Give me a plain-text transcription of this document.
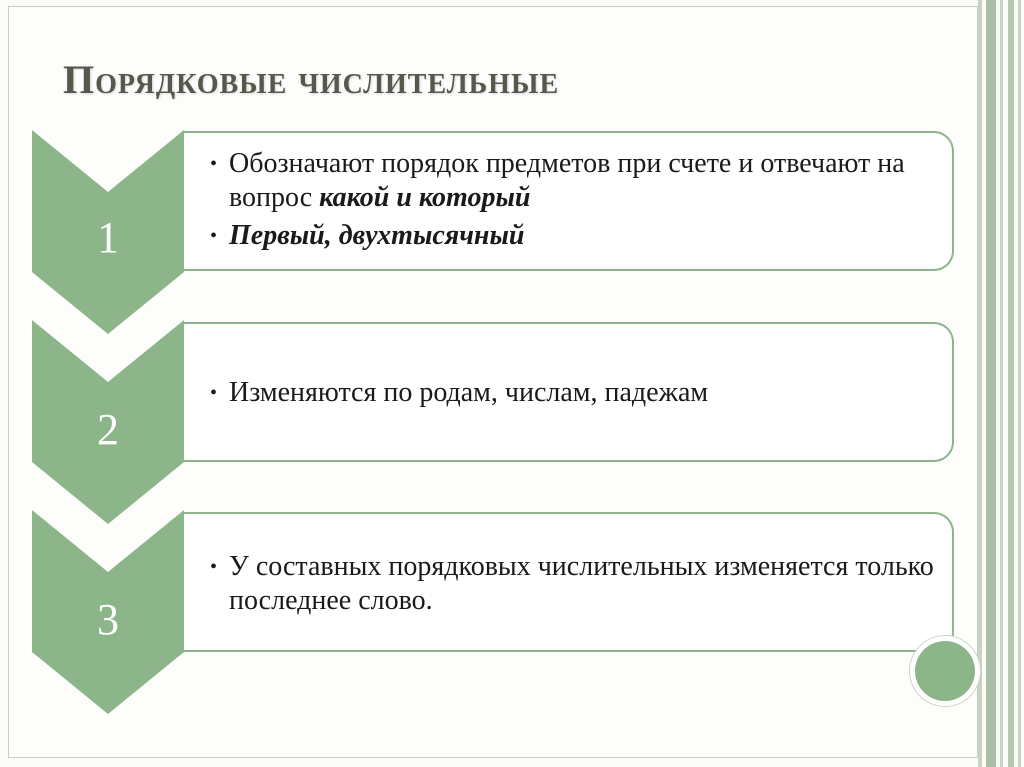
Порядковые числительные
• Обозначают порядок предметов при счете и отвечают на вопрос какой и который
• Первый, двухтысячный
1
• Изменяются по родам, числам, падежам
2
• У составных порядковых числительных изменяется только последнее слово.
3
